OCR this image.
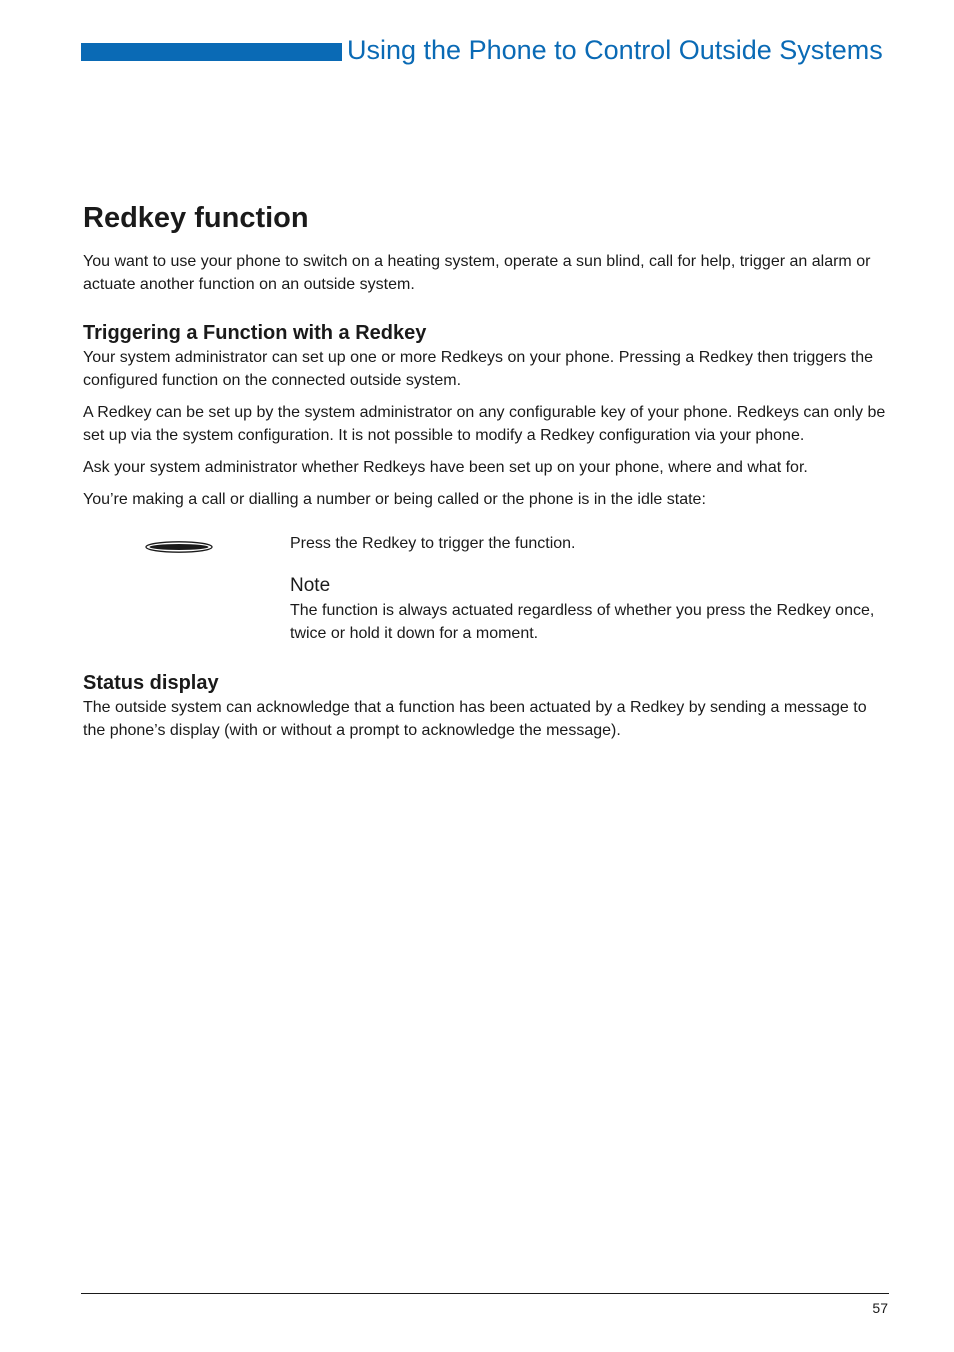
Using the Phone to Control Outside Systems
Redkey function

You want to use your phone to switch on a heating system, operate a sun blind, call for help, trigger an alarm or actuate another function on an outside system.

Triggering a Function with a Redkey

Your system administrator can set up one or more Redkeys on your phone. Pressing a Redkey then triggers the configured function on the connected outside system.

A Redkey can be set up by the system administrator on any configurable key of your phone. Redkeys can only be set up via the system configuration. It is not possible to modify a Redkey configuration via your phone.

Ask your system administrator whether Redkeys have been set up on your phone, where and what for.

You’re making a call or dialling a number or being called or the phone is in the idle state:

Press the Redkey to trigger the function.

Note

The function is always actuated regardless of whether you press the Redkey once, twice or hold it down for a moment.

Status display

The outside system can acknowledge that a function has been actuated by a Redkey by sending a message to the phone’s display (with or without a prompt to acknowledge the message).

57
